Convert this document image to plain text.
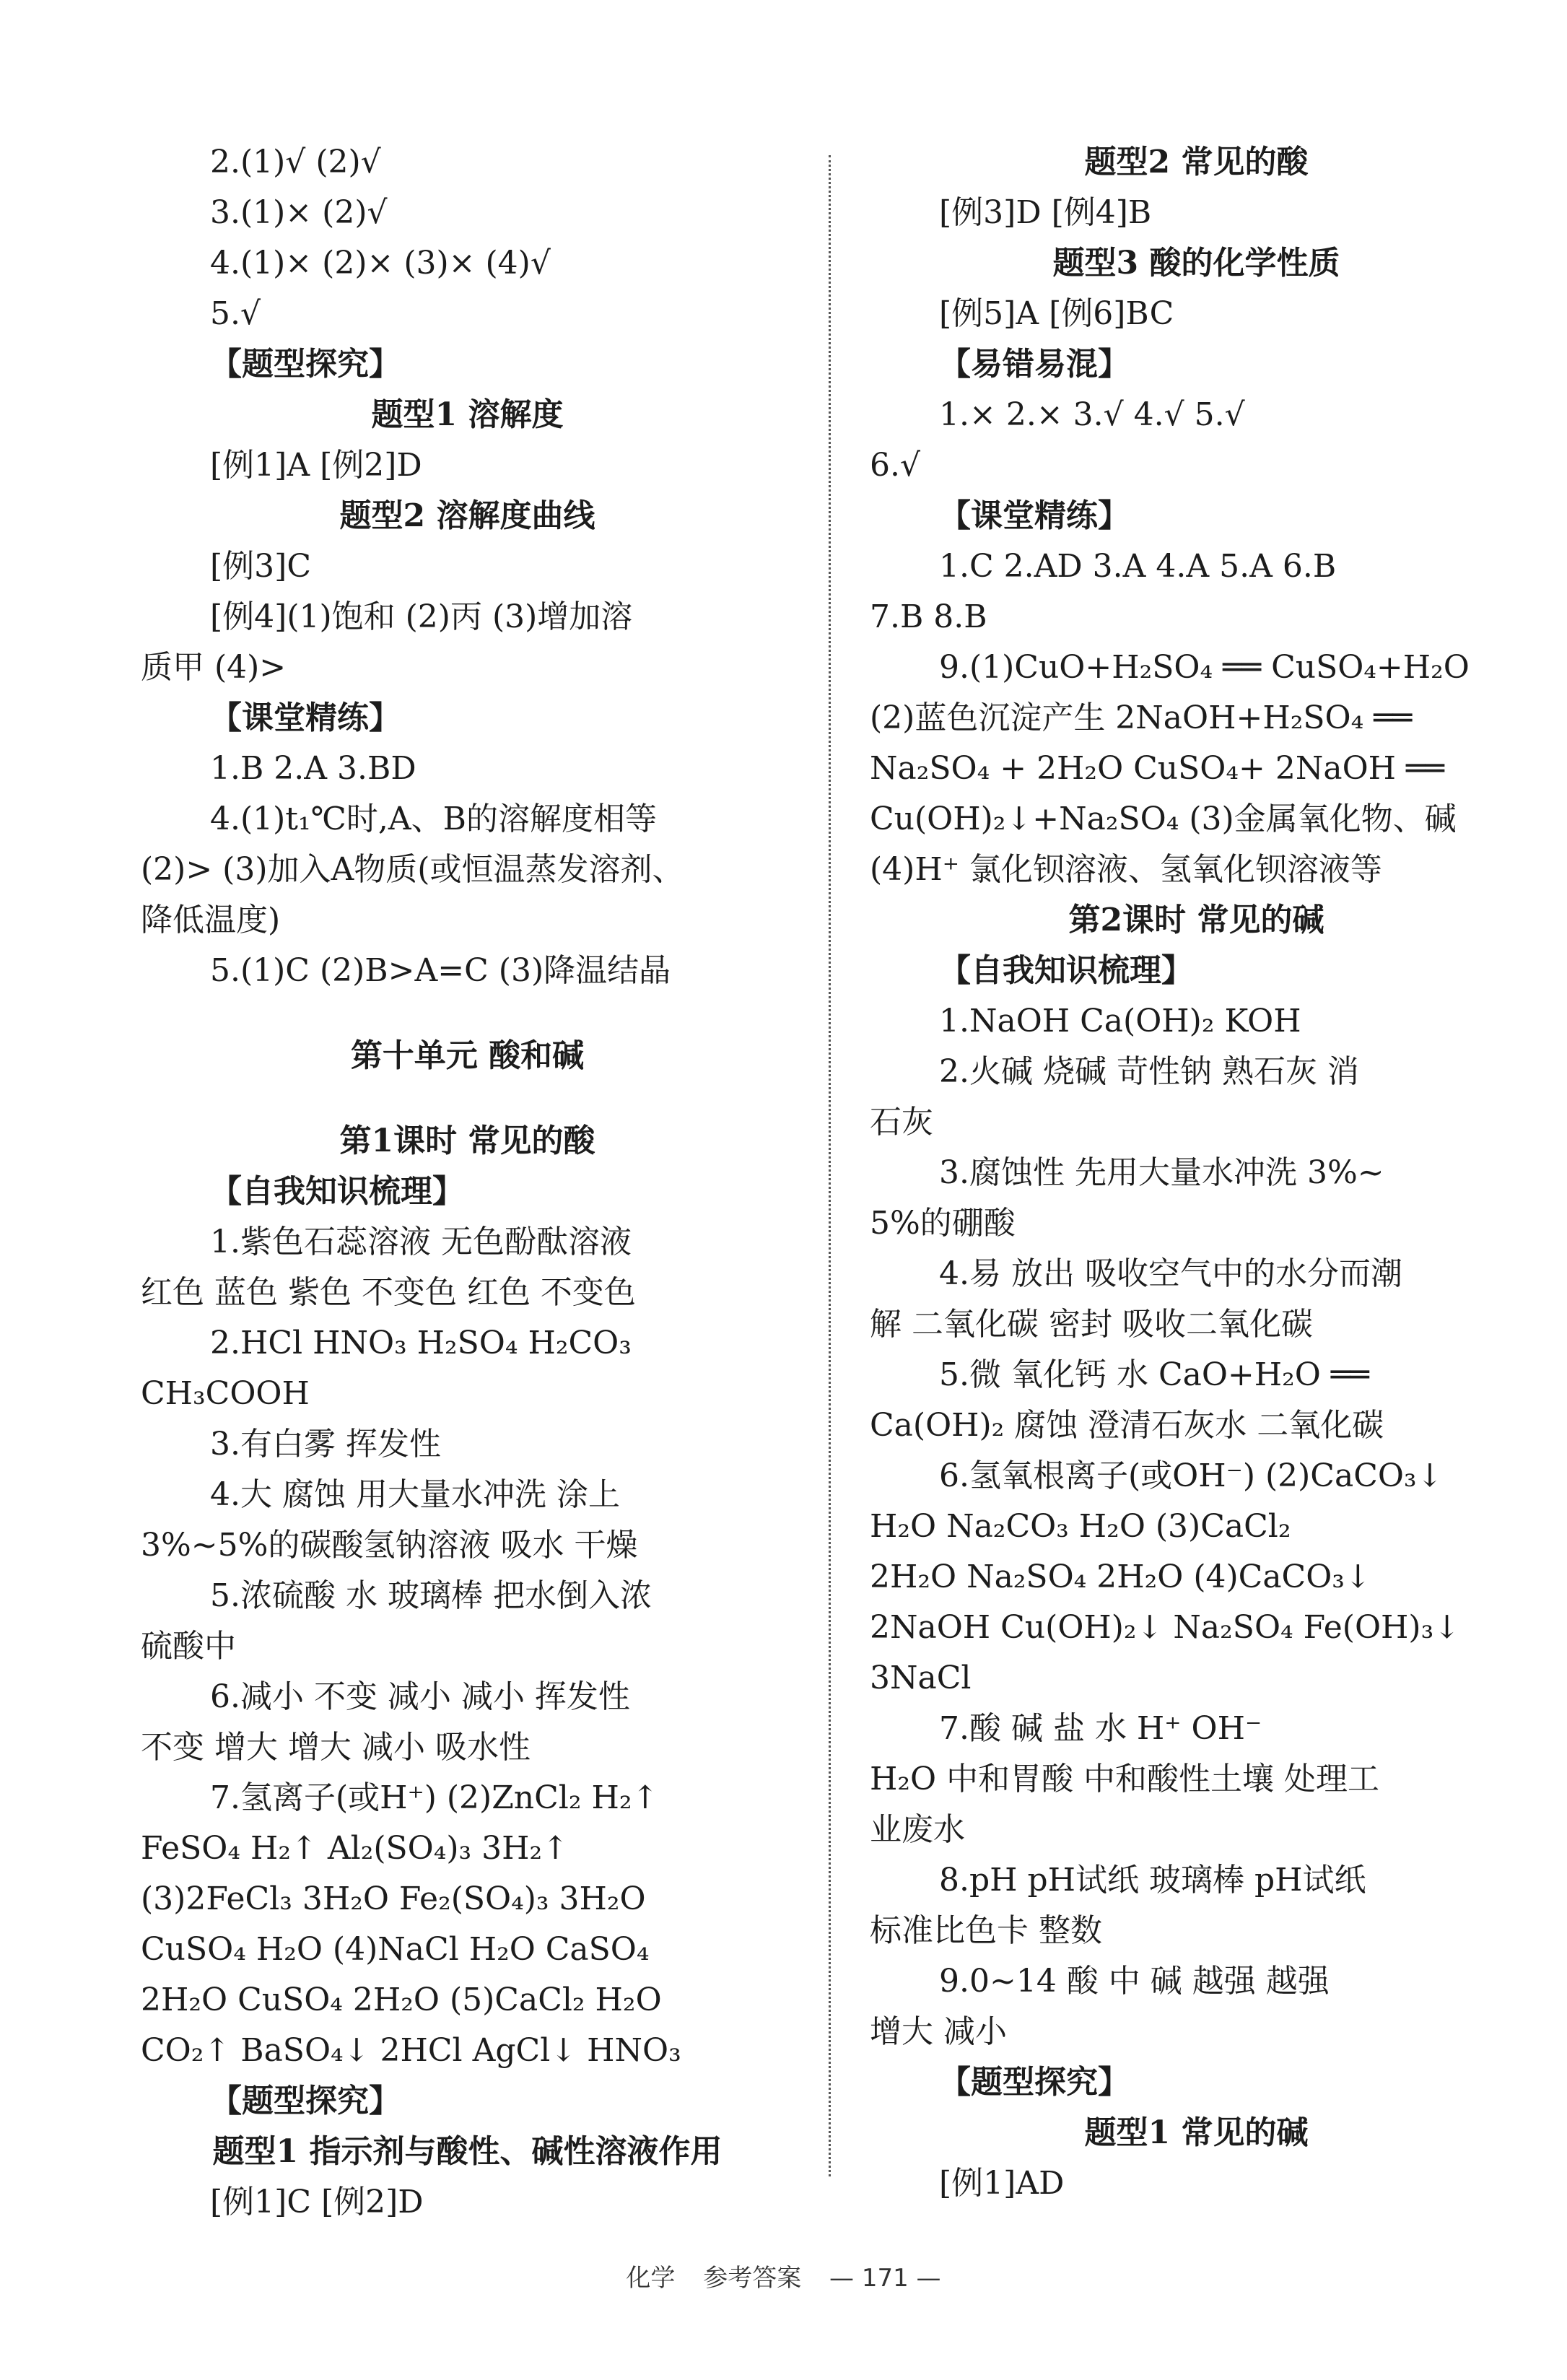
2.(1)√ (2)√
3.(1)× (2)√
4.(1)× (2)× (3)× (4)√
5.√
【题型探究】
题型1 溶解度
[例1]A [例2]D
题型2 溶解度曲线
[例3]C
[例4](1)饱和 (2)丙 (3)增加溶
质甲 (4)>
【课堂精练】
1.B 2.A 3.BD
4.(1)t₁℃时,A、B的溶解度相等
(2)> (3)加入A物质(或恒温蒸发溶剂、
降低温度)
5.(1)C (2)B>A=C (3)降温结晶
第十单元 酸和碱
第1课时 常见的酸
【自我知识梳理】
1.紫色石蕊溶液 无色酚酞溶液
红色 蓝色 紫色 不变色 红色 不变色
2.HCl HNO₃ H₂SO₄ H₂CO₃
CH₃COOH
3.有白雾 挥发性
4.大 腐蚀 用大量水冲洗 涂上
3%~5%的碳酸氢钠溶液 吸水 干燥
5.浓硫酸 水 玻璃棒 把水倒入浓
硫酸中
6.减小 不变 减小 减小 挥发性
不变 增大 增大 减小 吸水性
7.氢离子(或H⁺) (2)ZnCl₂ H₂↑
FeSO₄ H₂↑ Al₂(SO₄)₃ 3H₂↑
(3)2FeCl₃ 3H₂O Fe₂(SO₄)₃ 3H₂O
CuSO₄ H₂O (4)NaCl H₂O CaSO₄
2H₂O CuSO₄ 2H₂O (5)CaCl₂ H₂O
CO₂↑ BaSO₄↓ 2HCl AgCl↓ HNO₃
【题型探究】
题型1 指示剂与酸性、碱性溶液作用
[例1]C [例2]D
题型2 常见的酸
[例3]D [例4]B
题型3 酸的化学性质
[例5]A [例6]BC
【易错易混】
1.× 2.× 3.√ 4.√ 5.√
6.√
【课堂精练】
1.C 2.AD 3.A 4.A 5.A 6.B
7.B 8.B
9.(1)CuO+H₂SO₄ ══ CuSO₄+H₂O
(2)蓝色沉淀产生 2NaOH+H₂SO₄ ══
Na₂SO₄ + 2H₂O CuSO₄+ 2NaOH ══
Cu(OH)₂↓+Na₂SO₄ (3)金属氧化物、碱
(4)H⁺ 氯化钡溶液、氢氧化钡溶液等
第2课时 常见的碱
【自我知识梳理】
1.NaOH Ca(OH)₂ KOH
2.火碱 烧碱 苛性钠 熟石灰 消
石灰
3.腐蚀性 先用大量水冲洗 3%~
5%的硼酸
4.易 放出 吸收空气中的水分而潮
解 二氧化碳 密封 吸收二氧化碳
5.微 氧化钙 水 CaO+H₂O ══
Ca(OH)₂ 腐蚀 澄清石灰水 二氧化碳
6.氢氧根离子(或OH⁻) (2)CaCO₃↓
H₂O Na₂CO₃ H₂O (3)CaCl₂
2H₂O Na₂SO₄ 2H₂O (4)CaCO₃↓
2NaOH Cu(OH)₂↓ Na₂SO₄ Fe(OH)₃↓
3NaCl
7.酸 碱 盐 水 H⁺ OH⁻
H₂O 中和胃酸 中和酸性土壤 处理工
业废水
8.pH pH试纸 玻璃棒 pH试纸
标准比色卡 整数
9.0~14 酸 中 碱 越强 越强
增大 减小
【题型探究】
题型1 常见的碱
[例1]AD
化学 参考答案 — 171 —
